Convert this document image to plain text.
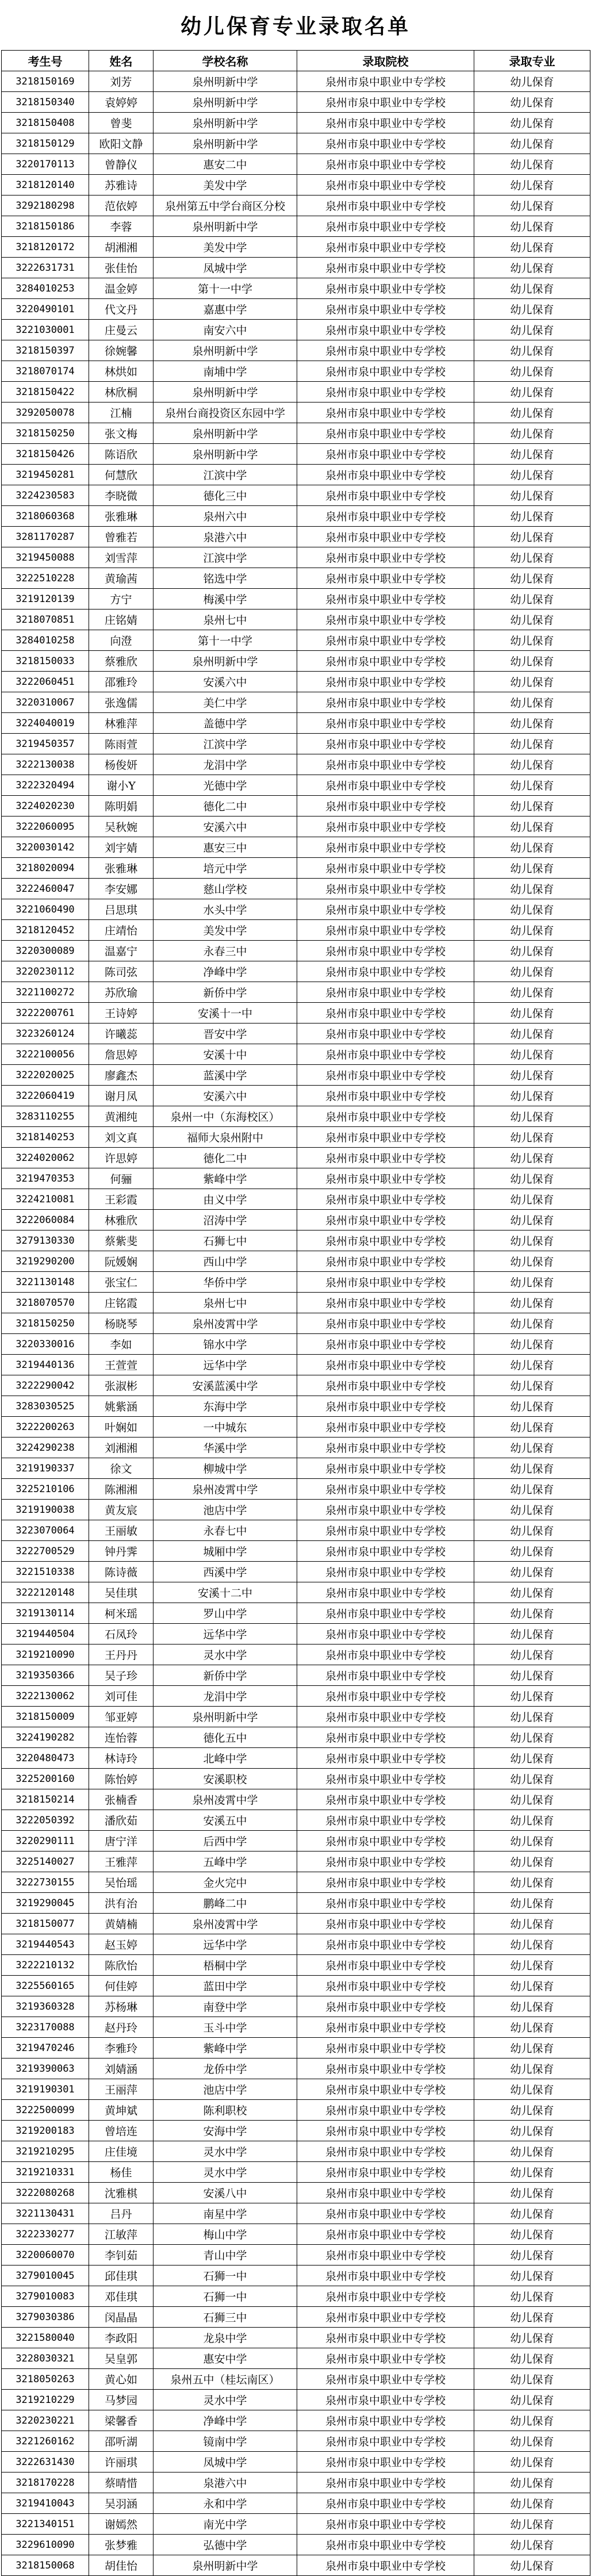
幼儿保育专业录取名单
考生号	姓名	学校名称	录取院校	录取专业
3218150169	刘芳	泉州明新中学	泉州市泉中职业中专学校	幼儿保育
3218150340	袁婷婷	泉州明新中学	泉州市泉中职业中专学校	幼儿保育
3218150408	曾斐	泉州明新中学	泉州市泉中职业中专学校	幼儿保育
3218150129	欧阳文静	泉州明新中学	泉州市泉中职业中专学校	幼儿保育
3220170113	曾静仪	惠安二中	泉州市泉中职业中专学校	幼儿保育
3218120140	苏雅诗	美发中学	泉州市泉中职业中专学校	幼儿保育
3292180298	范依婷	泉州第五中学台商区分校	泉州市泉中职业中专学校	幼儿保育
3218150186	李蓉	泉州明新中学	泉州市泉中职业中专学校	幼儿保育
3218120172	胡湘湘	美发中学	泉州市泉中职业中专学校	幼儿保育
3222631731	张佳怡	凤城中学	泉州市泉中职业中专学校	幼儿保育
3284010253	温金婷	第十一中学	泉州市泉中职业中专学校	幼儿保育
3220490101	代文丹	嘉惠中学	泉州市泉中职业中专学校	幼儿保育
3221030001	庄曼云	南安六中	泉州市泉中职业中专学校	幼儿保育
3218150397	徐婉馨	泉州明新中学	泉州市泉中职业中专学校	幼儿保育
3218070174	林烘如	南埔中学	泉州市泉中职业中专学校	幼儿保育
3218150422	林欣桐	泉州明新中学	泉州市泉中职业中专学校	幼儿保育
3292050078	江楠	泉州台商投资区东园中学	泉州市泉中职业中专学校	幼儿保育
3218150250	张文梅	泉州明新中学	泉州市泉中职业中专学校	幼儿保育
3218150426	陈语欣	泉州明新中学	泉州市泉中职业中专学校	幼儿保育
3219450281	何慧欣	江滨中学	泉州市泉中职业中专学校	幼儿保育
3224230583	李晓微	德化三中	泉州市泉中职业中专学校	幼儿保育
3218060368	张雅琳	泉州六中	泉州市泉中职业中专学校	幼儿保育
3281170287	曾雅若	泉港六中	泉州市泉中职业中专学校	幼儿保育
3219450088	刘雪萍	江滨中学	泉州市泉中职业中专学校	幼儿保育
3222510228	黄瑜茜	铭选中学	泉州市泉中职业中专学校	幼儿保育
3219120139	方宁	梅溪中学	泉州市泉中职业中专学校	幼儿保育
3218070851	庄铭婧	泉州七中	泉州市泉中职业中专学校	幼儿保育
3284010258	向澄	第十一中学	泉州市泉中职业中专学校	幼儿保育
3218150033	蔡雅欣	泉州明新中学	泉州市泉中职业中专学校	幼儿保育
3222060451	邵雅玲	安溪六中	泉州市泉中职业中专学校	幼儿保育
3220310067	张逸儒	美仁中学	泉州市泉中职业中专学校	幼儿保育
3224040019	林雅萍	盖德中学	泉州市泉中职业中专学校	幼儿保育
3219450357	陈雨萱	江滨中学	泉州市泉中职业中专学校	幼儿保育
3222130038	杨俊妍	龙涓中学	泉州市泉中职业中专学校	幼儿保育
3222320494	谢小Y	光德中学	泉州市泉中职业中专学校	幼儿保育
3224020230	陈明娟	德化二中	泉州市泉中职业中专学校	幼儿保育
3222060095	吴秋婉	安溪六中	泉州市泉中职业中专学校	幼儿保育
3220030142	刘宇婧	惠安三中	泉州市泉中职业中专学校	幼儿保育
3218020094	张雅琳	培元中学	泉州市泉中职业中专学校	幼儿保育
3222460047	李安娜	慈山学校	泉州市泉中职业中专学校	幼儿保育
3221060490	吕思琪	水头中学	泉州市泉中职业中专学校	幼儿保育
3218120452	庄靖怡	美发中学	泉州市泉中职业中专学校	幼儿保育
3220300089	温嘉宁	永春三中	泉州市泉中职业中专学校	幼儿保育
3220230112	陈司弦	净峰中学	泉州市泉中职业中专学校	幼儿保育
3221100272	苏欣瑜	新侨中学	泉州市泉中职业中专学校	幼儿保育
3222200761	王诗婷	安溪十一中	泉州市泉中职业中专学校	幼儿保育
3223260124	许曦蕊	晋安中学	泉州市泉中职业中专学校	幼儿保育
3222100056	詹思婷	安溪十中	泉州市泉中职业中专学校	幼儿保育
3222020025	廖鑫杰	蓝溪中学	泉州市泉中职业中专学校	幼儿保育
3222060419	谢月凤	安溪六中	泉州市泉中职业中专学校	幼儿保育
3283110255	黄湘纯	泉州一中（东海校区）	泉州市泉中职业中专学校	幼儿保育
3218140253	刘文真	福师大泉州附中	泉州市泉中职业中专学校	幼儿保育
3224020062	许思婷	德化二中	泉州市泉中职业中专学校	幼儿保育
3219470353	何骊	紫峰中学	泉州市泉中职业中专学校	幼儿保育
3224210081	王彩霞	由义中学	泉州市泉中职业中专学校	幼儿保育
3222060084	林雅欣	沼涛中学	泉州市泉中职业中专学校	幼儿保育
3279130330	蔡紫斐	石狮七中	泉州市泉中职业中专学校	幼儿保育
3219290200	阮媛娴	西山中学	泉州市泉中职业中专学校	幼儿保育
3221130148	张宝仁	华侨中学	泉州市泉中职业中专学校	幼儿保育
3218070570	庄铭霞	泉州七中	泉州市泉中职业中专学校	幼儿保育
3218150250	杨晓琴	泉州凌霄中学	泉州市泉中职业中专学校	幼儿保育
3220330016	李如	锦水中学	泉州市泉中职业中专学校	幼儿保育
3219440136	王萱萱	远华中学	泉州市泉中职业中专学校	幼儿保育
3222290042	张淑彬	安溪蓝溪中学	泉州市泉中职业中专学校	幼儿保育
3283030525	姚紫涵	东海中学	泉州市泉中职业中专学校	幼儿保育
3222200263	叶娴如	一中城东	泉州市泉中职业中专学校	幼儿保育
3224290238	刘湘湘	华溪中学	泉州市泉中职业中专学校	幼儿保育
3219190337	徐文	柳城中学	泉州市泉中职业中专学校	幼儿保育
3225210106	陈湘湘	泉州凌霄中学	泉州市泉中职业中专学校	幼儿保育
3219190038	黄友宸	池店中学	泉州市泉中职业中专学校	幼儿保育
3223070064	王丽敏	永春七中	泉州市泉中职业中专学校	幼儿保育
3222700529	钟丹霁	城厢中学	泉州市泉中职业中专学校	幼儿保育
3221510338	陈诗薇	西溪中学	泉州市泉中职业中专学校	幼儿保育
3222120148	吴佳琪	安溪十二中	泉州市泉中职业中专学校	幼儿保育
3219130114	柯米瑶	罗山中学	泉州市泉中职业中专学校	幼儿保育
3219440504	石凤玲	远华中学	泉州市泉中职业中专学校	幼儿保育
3219210090	王丹丹	灵水中学	泉州市泉中职业中专学校	幼儿保育
3219350366	吴子珍	新侨中学	泉州市泉中职业中专学校	幼儿保育
3222130062	刘可佳	龙涓中学	泉州市泉中职业中专学校	幼儿保育
3218150009	邹亚婷	泉州明新中学	泉州市泉中职业中专学校	幼儿保育
3224190282	连怡蓉	德化五中	泉州市泉中职业中专学校	幼儿保育
3220480473	林诗玲	北峰中学	泉州市泉中职业中专学校	幼儿保育
3225200160	陈怡婷	安溪职校	泉州市泉中职业中专学校	幼儿保育
3218150214	张楠香	泉州凌霄中学	泉州市泉中职业中专学校	幼儿保育
3222050392	潘欣茹	安溪五中	泉州市泉中职业中专学校	幼儿保育
3220290111	唐宁洋	后西中学	泉州市泉中职业中专学校	幼儿保育
3225140027	王雅萍	五峰中学	泉州市泉中职业中专学校	幼儿保育
3222730155	吴怡瑶	金火完中	泉州市泉中职业中专学校	幼儿保育
3219290045	洪有治	鹏峰二中	泉州市泉中职业中专学校	幼儿保育
3218150077	黄婧楠	泉州凌霄中学	泉州市泉中职业中专学校	幼儿保育
3219440543	赵玉婷	远华中学	泉州市泉中职业中专学校	幼儿保育
3222210132	陈欣怡	梧桐中学	泉州市泉中职业中专学校	幼儿保育
3225560165	何佳婷	蓝田中学	泉州市泉中职业中专学校	幼儿保育
3219360328	苏杨琳	南登中学	泉州市泉中职业中专学校	幼儿保育
3223170088	赵丹玲	玉斗中学	泉州市泉中职业中专学校	幼儿保育
3219470246	李雅玲	紫峰中学	泉州市泉中职业中专学校	幼儿保育
3219390063	刘婧涵	龙侨中学	泉州市泉中职业中专学校	幼儿保育
3219190301	王丽萍	池店中学	泉州市泉中职业中专学校	幼儿保育
3222500099	黄坤斌	陈利职校	泉州市泉中职业中专学校	幼儿保育
3219200183	曾培连	安海中学	泉州市泉中职业中专学校	幼儿保育
3219210295	庄佳境	灵水中学	泉州市泉中职业中专学校	幼儿保育
3219210331	杨佳	灵水中学	泉州市泉中职业中专学校	幼儿保育
3222080268	沈雅棋	安溪八中	泉州市泉中职业中专学校	幼儿保育
3221130431	吕丹	南星中学	泉州市泉中职业中专学校	幼儿保育
3222330277	江敏萍	梅山中学	泉州市泉中职业中专学校	幼儿保育
3220060070	李钊茹	青山中学	泉州市泉中职业中专学校	幼儿保育
3279010045	邱佳琪	石狮一中	泉州市泉中职业中专学校	幼儿保育
3279010083	邓佳琪	石狮一中	泉州市泉中职业中专学校	幼儿保育
3279030386	闵晶晶	石狮三中	泉州市泉中职业中专学校	幼儿保育
3221580040	李政阳	龙泉中学	泉州市泉中职业中专学校	幼儿保育
3228030321	吴皇郭	惠安中学	泉州市泉中职业中专学校	幼儿保育
3218050263	黄心如	泉州五中（桂坛南区）	泉州市泉中职业中专学校	幼儿保育
3219210229	马梦园	灵水中学	泉州市泉中职业中专学校	幼儿保育
3220230221	梁馨香	净峰中学	泉州市泉中职业中专学校	幼儿保育
3221260162	邵听湖	镜南中学	泉州市泉中职业中专学校	幼儿保育
3222631430	许丽琪	凤城中学	泉州市泉中职业中专学校	幼儿保育
3218170228	蔡晴惜	泉港六中	泉州市泉中职业中专学校	幼儿保育
3219410043	吴羽涵	永和中学	泉州市泉中职业中专学校	幼儿保育
3221340151	谢嫣然	南光中学	泉州市泉中职业中专学校	幼儿保育
3229610090	张梦雅	弘德中学	泉州市泉中职业中专学校	幼儿保育
3218150068	胡佳怡	泉州明新中学	泉州市泉中职业中专学校	幼儿保育
